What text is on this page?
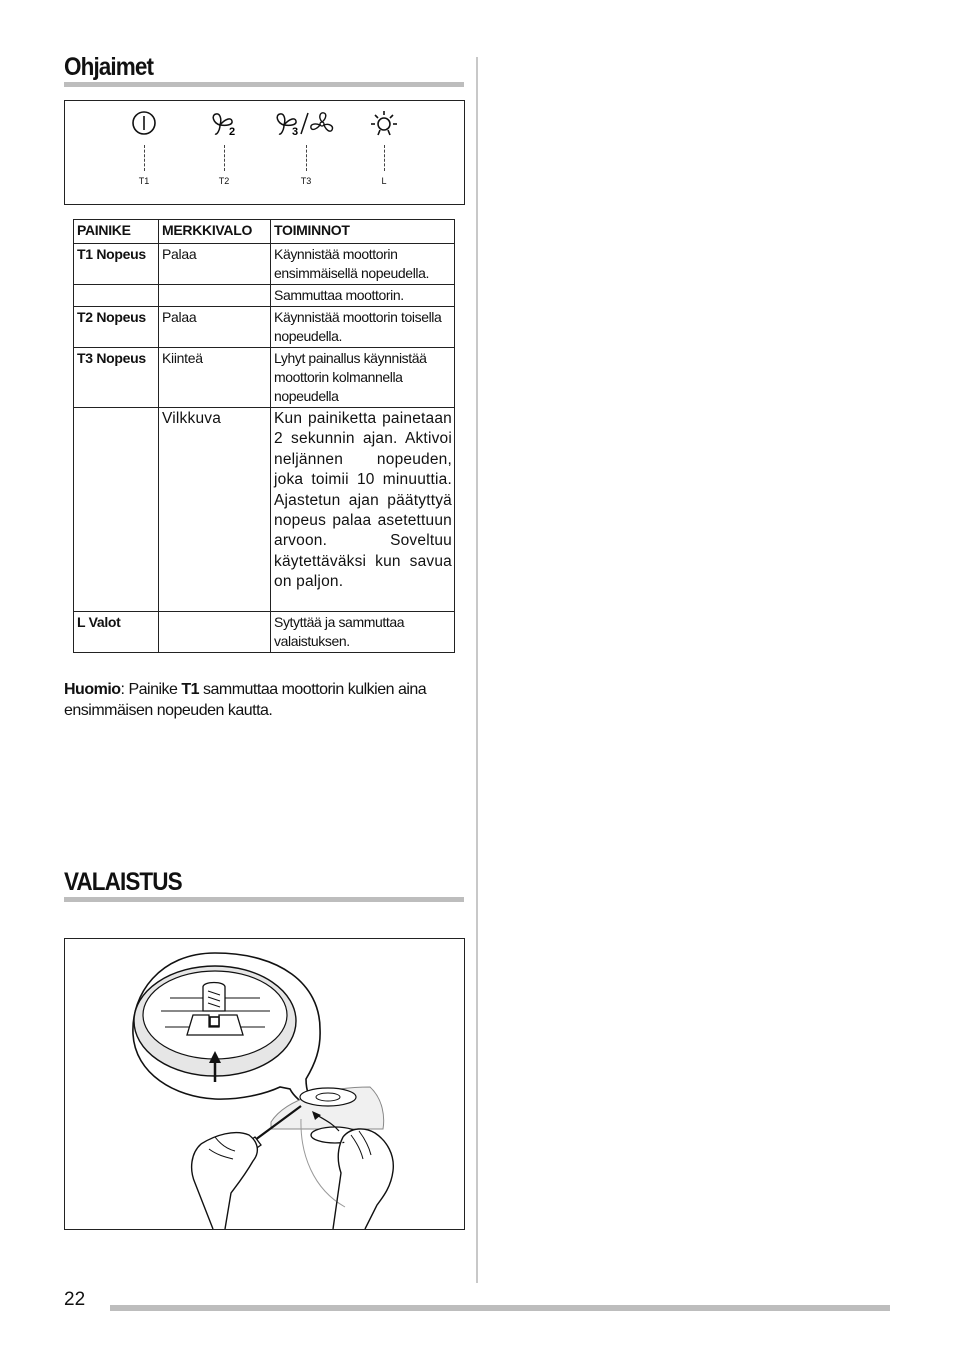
Ohjaimet
T1
2
T2
3
T3	L
PAINIKE	MERKKIVALO	TOIMINNOT
T1 Nopeus	Palaa	Käynnistää moottorin ensimmäisellä nopeudella.
		Sammuttaa moottorin.
T2 Nopeus	Palaa	Käynnistää moottorin toisella nopeudella.
T3 Nopeus	Kiinteä	Lyhyt painallus käynnistää moottorin kolmannella nopeudella
	Vilkkuva	Kun painiketta painetaan 2 sekunnin ajan. Aktivoi neljännen nopeuden, joka toimii 10 minuuttia. Ajastetun ajan päätyttyä nopeus palaa asetettuun arvoon. Soveltuu käytettäväksi kun savua on paljon.
L Valot		Sytyttää ja sammuttaa valaistuksen.
Huomio: Painike T1 sammuttaa moottorin kulkien aina ensimmäisen nopeuden kautta.
VALAISTUS
22
